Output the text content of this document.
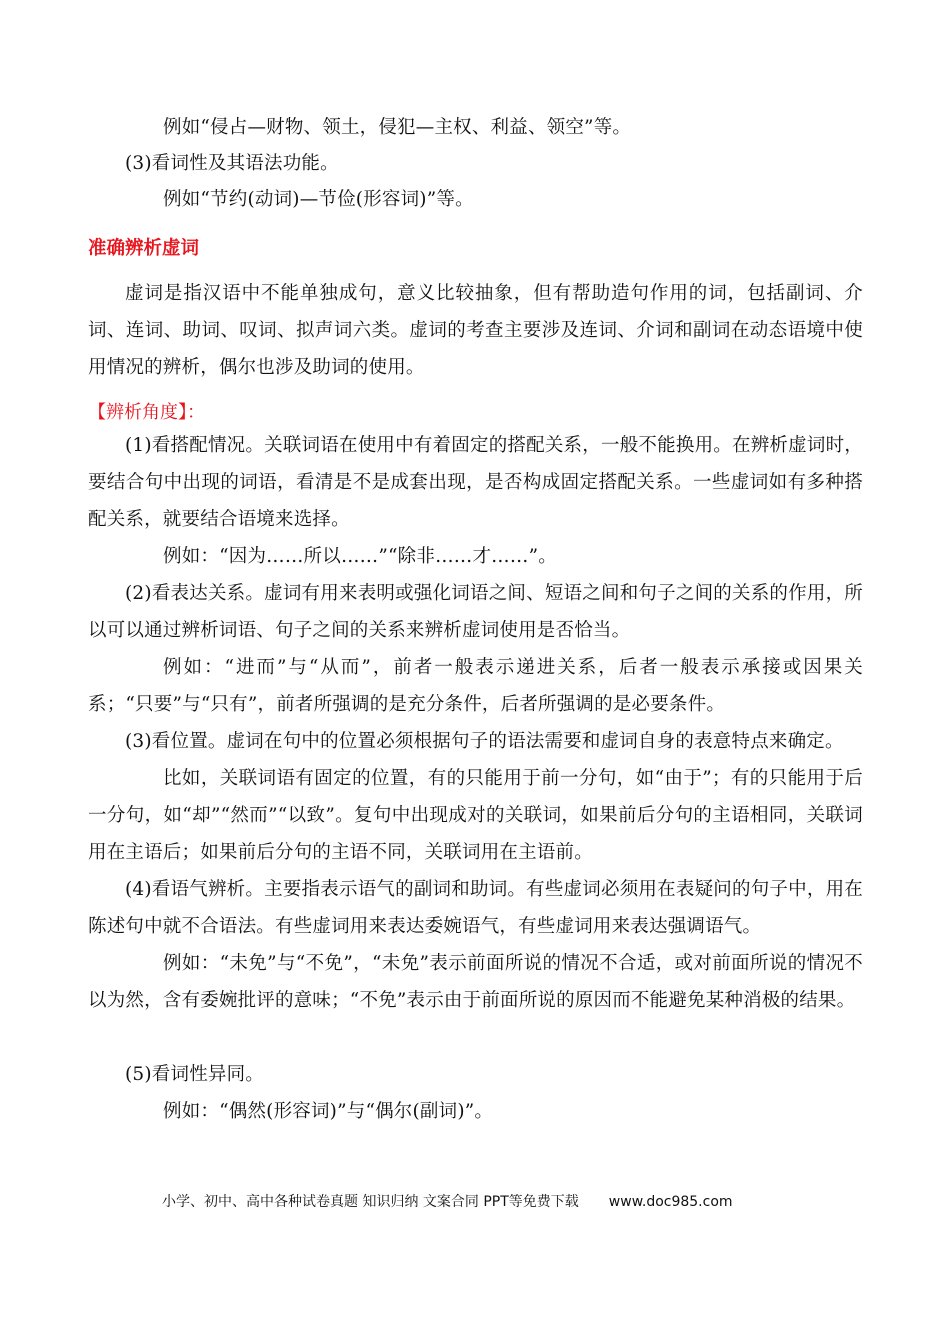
例如“侵占—财物、领土，侵犯—主权、利益、领空”等。
(3)看词性及其语法功能。
例如“节约(动词)—节俭(形容词)”等。
准确辨析虚词
虚词是指汉语中不能单独成句，意义比较抽象，但有帮助造句作用的词，包括副词、介词、连词、助词、叹词、拟声词六类。虚词的考查主要涉及连词、介词和副词在动态语境中使用情况的辨析，偶尔也涉及助词的使用。
【辨析角度】：
(1)看搭配情况。关联词语在使用中有着固定的搭配关系，一般不能换用。在辨析虚词时，要结合句中出现的词语，看清是不是成套出现，是否构成固定搭配关系。一些虚词如有多种搭配关系，就要结合语境来选择。
例如：“因为……所以……”“除非……才……”。
(2)看表达关系。虚词有用来表明或强化词语之间、短语之间和句子之间的关系的作用，所以可以通过辨析词语、句子之间的关系来辨析虚词使用是否恰当。
例如：“进而”与“从而”，前者一般表示递进关系，后者一般表示承接或因果关系；“只要”与“只有”，前者所强调的是充分条件，后者所强调的是必要条件。
(3)看位置。虚词在句中的位置必须根据句子的语法需要和虚词自身的表意特点来确定。
比如，关联词语有固定的位置，有的只能用于前一分句，如“由于”；有的只能用于后一分句，如“却”“然而”“以致”。复句中出现成对的关联词，如果前后分句的主语相同，关联词用在主语后；如果前后分句的主语不同，关联词用在主语前。
(4)看语气辨析。主要指表示语气的副词和助词。有些虚词必须用在表疑问的句子中，用在陈述句中就不合语法。有些虚词用来表达委婉语气，有些虚词用来表达强调语气。
例如：“未免”与“不免”，“未免”表示前面所说的情况不合适，或对前面所说的情况不以为然，含有委婉批评的意味；“不免”表示由于前面所说的原因而不能避免某种消极的结果。
(5)看词性异同。
例如：“偶然(形容词)”与“偶尔(副词)”。
小学、初中、高中各种试卷真题 知识归纳 文案合同 PPT等免费下载 www.doc985.com
